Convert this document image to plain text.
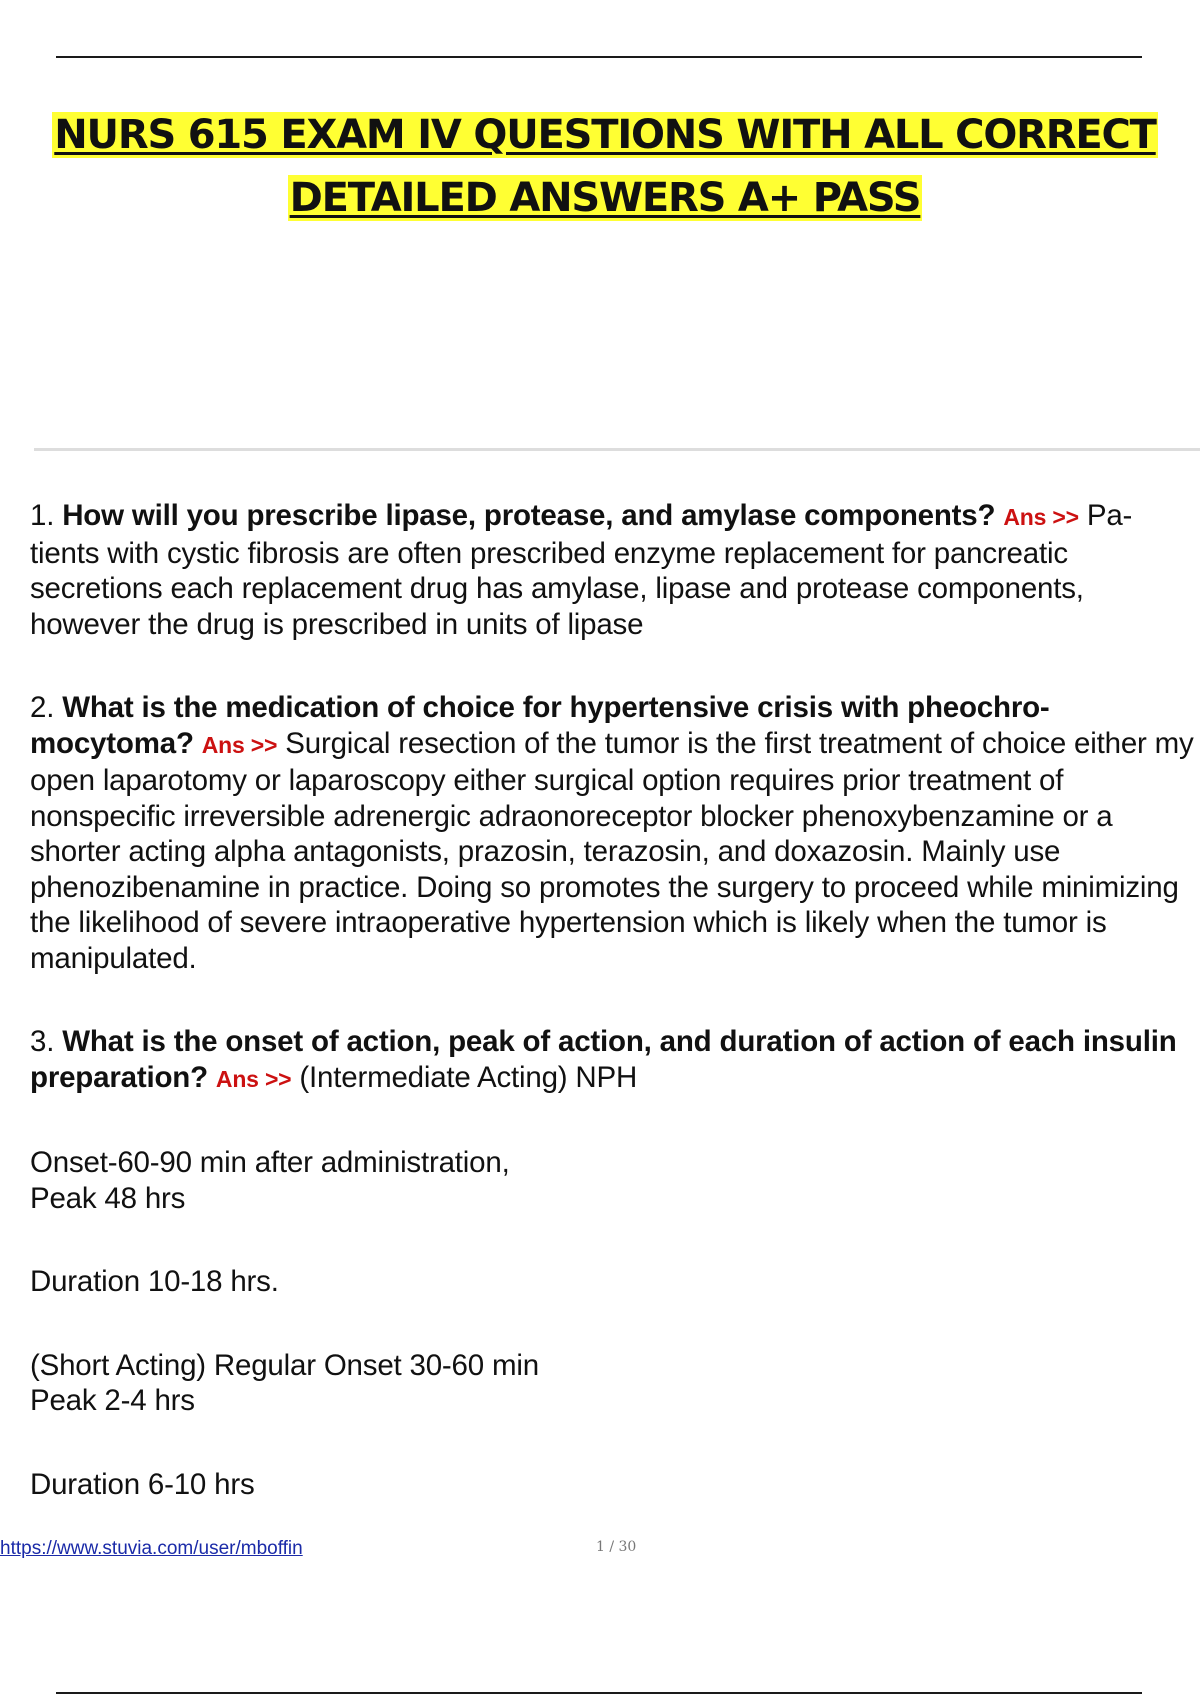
NURS 615 EXAM IV QUESTIONS WITH ALL CORRECT
DETAILED ANSWERS A+ PASS
1. How will you prescribe lipase, protease, and amylase components? Ans >> Pa- tients with cystic fibrosis are often prescribed enzyme replacement for pancreatic secretions each replacement drug has amylase, lipase and protease components, however the drug is prescribed in units of lipase
2. What is the medication of choice for hypertensive crisis with pheochro- mocytoma? Ans >> Surgical resection of the tumor is the first treatment of choice either my open laparotomy or laparoscopy either surgical option requires prior treatment of nonspecific irreversible adrenergic adraonoreceptor blocker phenoxybenzamine or a shorter acting alpha antagonists, prazosin, terazosin, and doxazosin. Mainly use phenozibenamine in practice. Doing so promotes the surgery to proceed while minimizing the likelihood of severe intraoperative hypertension which is likely when the tumor is manipulated.
3. What is the onset of action, peak of action, and duration of action of each insulin preparation? Ans >> (Intermediate Acting) NPH
Onset-60-90 min after administration,
Peak 48 hrs
Duration 10-18 hrs.
(Short Acting) Regular Onset 30-60 min
Peak 2-4 hrs
Duration 6-10 hrs
https://www.stuvia.com/user/mboffin	1 / 30
